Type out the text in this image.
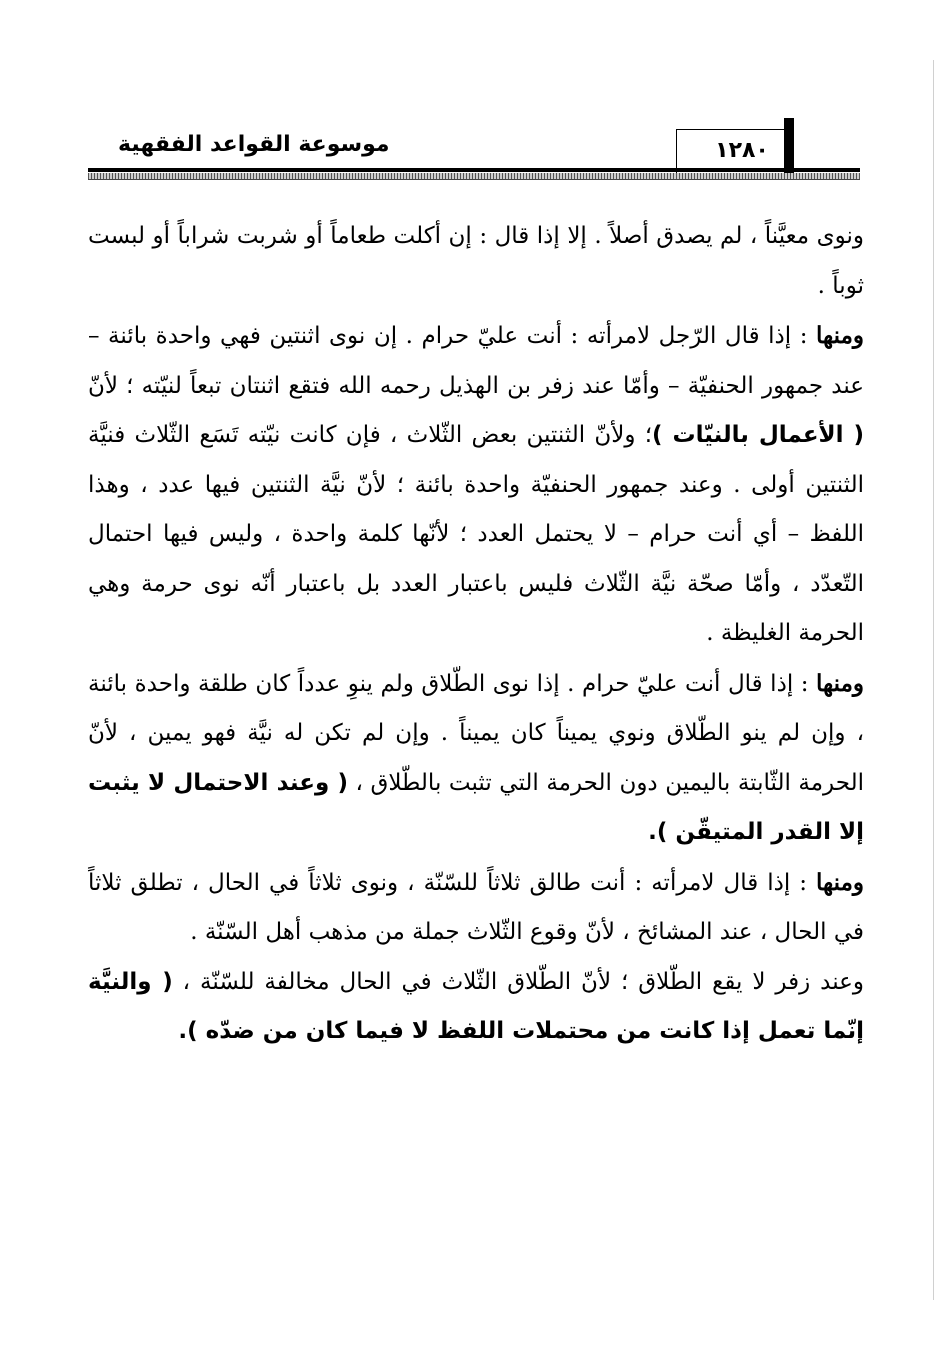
موسوعة القواعد الفقهية	١٢٨٠

ونوى معيَّناً ، لم يصدق أصلاً . إلا إذا قال : إن أكلت طعاماً أو شربت شراباً أو لبست ثوباً .

ومنها : إذا قال الرّجل لامرأته : أنت عليّ حرام . إن نوى اثنتين فهي واحدة بائنة – عند جمهور الحنفيّة – وأمّا عند زفر بن الهذيل رحمه الله فتقع اثنتان تبعاً لنيّته ؛ لأنّ ( الأعمال بالنيّات )؛ ولأنّ الثنتين بعض الثّلاث ، فإن كانت نيّته تَسَع الثّلاث فنيَّة الثنتين أولى . وعند جمهور الحنفيّة واحدة بائنة ؛ لأنّ نيَّة الثنتين فيها عدد ، وهذا اللفظ – أي أنت حرام – لا يحتمل العدد ؛ لأنّها كلمة واحدة ، وليس فيها احتمال التّعدّد ، وأمّا صحّة نيَّة الثّلاث فليس باعتبار العدد بل باعتبار أنّه نوى حرمة وهي الحرمة الغليظة .

ومنها : إذا قال أنت عليّ حرام . إذا نوى الطّلاق ولم ينوِ عدداً كان طلقة واحدة بائنة ، وإن لم ينو الطّلاق ونوي يميناً كان يميناً . وإن لم تكن له نيَّة فهو يمين ، لأنّ الحرمة الثّابتة باليمين دون الحرمة التي تثبت بالطّلاق ، ( وعند الاحتمال لا يثبت إلا القدر المتيقّن ).

ومنها : إذا قال لامرأته : أنت طالق ثلاثاً للسّنّة ، ونوى ثلاثاً في الحال ، تطلق ثلاثاً في الحال ، عند المشائخ ، لأنّ وقوع الثّلاث جملة من مذهب أهل السّنّة .

وعند زفر لا يقع الطّلاق ؛ لأنّ الطّلاق الثّلاث في الحال مخالفة للسّنّة ، ( والنيَّة إنّما تعمل إذا كانت من محتملات اللفظ لا فيما كان من ضدّه ).
